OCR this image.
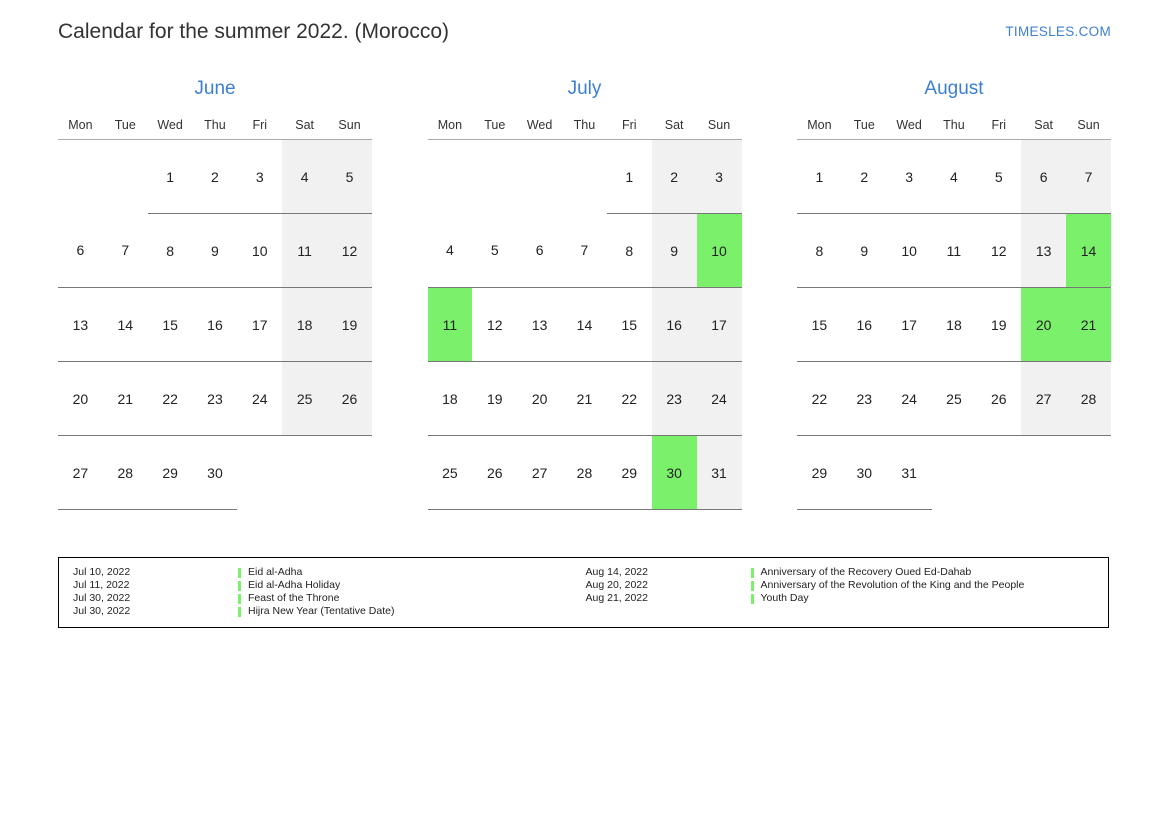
Calendar for the summer 2022. (Morocco)	TIMESLES.COM
June
Mon	Tue	Wed	Thu	Fri	Sat	Sun
		1	2	3	4	5
6	7	8	9	10	11	12
13	14	15	16	17	18	19
20	21	22	23	24	25	26
27	28	29	30			
July
Mon	Tue	Wed	Thu	Fri	Sat	Sun
				1	2	3
4	5	6	7	8	9	10
11	12	13	14	15	16	17
18	19	20	21	22	23	24
25	26	27	28	29	30	31
August
Mon	Tue	Wed	Thu	Fri	Sat	Sun
1	2	3	4	5	6	7
8	9	10	11	12	13	14
15	16	17	18	19	20	21
22	23	24	25	26	27	28
29	30	31				
Jul 10, 2022	Eid al-Adha
Jul 11, 2022	Eid al-Adha Holiday
Jul 30, 2022	Feast of the Throne
Jul 30, 2022	Hijra New Year (Tentative Date)
Aug 14, 2022	Anniversary of the Recovery Oued Ed-Dahab
Aug 20, 2022	Anniversary of the Revolution of the King and the People
Aug 21, 2022	Youth Day
